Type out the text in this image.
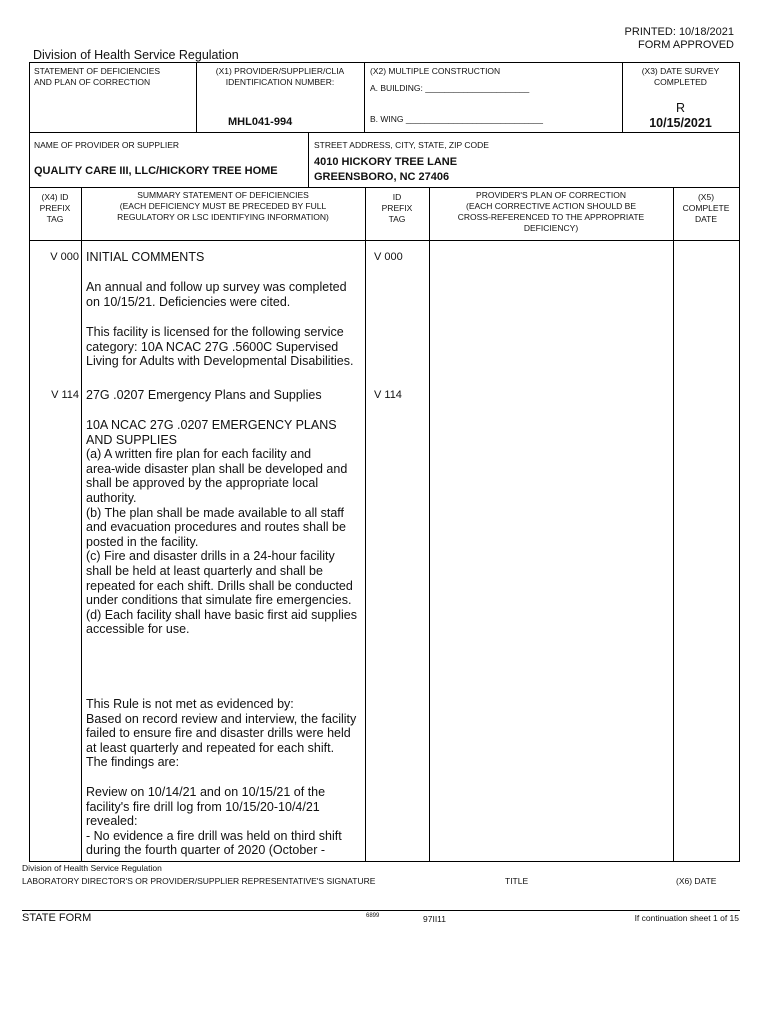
PRINTED: 10/18/2021
FORM APPROVED
Division of Health Service Regulation
STATEMENT OF DEFICIENCIES
AND PLAN OF CORRECTION
(X1) PROVIDER/SUPPLIER/CLIA
IDENTIFICATION NUMBER:
MHL041-994
(X2) MULTIPLE CONSTRUCTION
A. BUILDING: ______________________
B. WING _____________________________
(X3) DATE SURVEY
COMPLETED
R
10/15/2021
NAME OF PROVIDER OR SUPPLIER
QUALITY CARE III, LLC/HICKORY TREE HOME
STREET ADDRESS, CITY, STATE, ZIP CODE
4010 HICKORY TREE LANE
GREENSBORO, NC 27406
(X4) ID
PREFIX
TAG
SUMMARY STATEMENT OF DEFICIENCIES
(EACH DEFICIENCY MUST BE PRECEDED BY FULL
REGULATORY OR LSC IDENTIFYING INFORMATION)
ID
PREFIX
TAG
PROVIDER'S PLAN OF CORRECTION
(EACH CORRECTIVE ACTION SHOULD BE
CROSS-REFERENCED TO THE APPROPRIATE
DEFICIENCY)
(X5)
COMPLETE
DATE
V 000 INITIAL COMMENTS	V 000
An annual and follow up survey was completed
on 10/15/21. Deficiencies were cited.
This facility is licensed for the following service
category: 10A NCAC 27G .5600C Supervised
Living for Adults with Developmental Disabilities.
V 114 27G .0207 Emergency Plans and Supplies	V 114
10A NCAC 27G .0207 EMERGENCY PLANS
AND SUPPLIES
(a) A written fire plan for each facility and
area-wide disaster plan shall be developed and
shall be approved by the appropriate local
authority.
(b) The plan shall be made available to all staff
and evacuation procedures and routes shall be
posted in the facility.
(c) Fire and disaster drills in a 24-hour facility
shall be held at least quarterly and shall be
repeated for each shift. Drills shall be conducted
under conditions that simulate fire emergencies.
(d) Each facility shall have basic first aid supplies
accessible for use.
This Rule is not met as evidenced by:
Based on record review and interview, the facility
failed to ensure fire and disaster drills were held
at least quarterly and repeated for each shift.
The findings are:
Review on 10/14/21 and on 10/15/21 of the
facility's fire drill log from 10/15/20-10/4/21
revealed:
- No evidence a fire drill was held on third shift
during the fourth quarter of 2020 (October -
Division of Health Service Regulation
LABORATORY DIRECTOR'S OR PROVIDER/SUPPLIER REPRESENTATIVE'S SIGNATURE	TITLE	(X6) DATE
STATE FORM	6899	97II11	If continuation sheet 1 of 15
